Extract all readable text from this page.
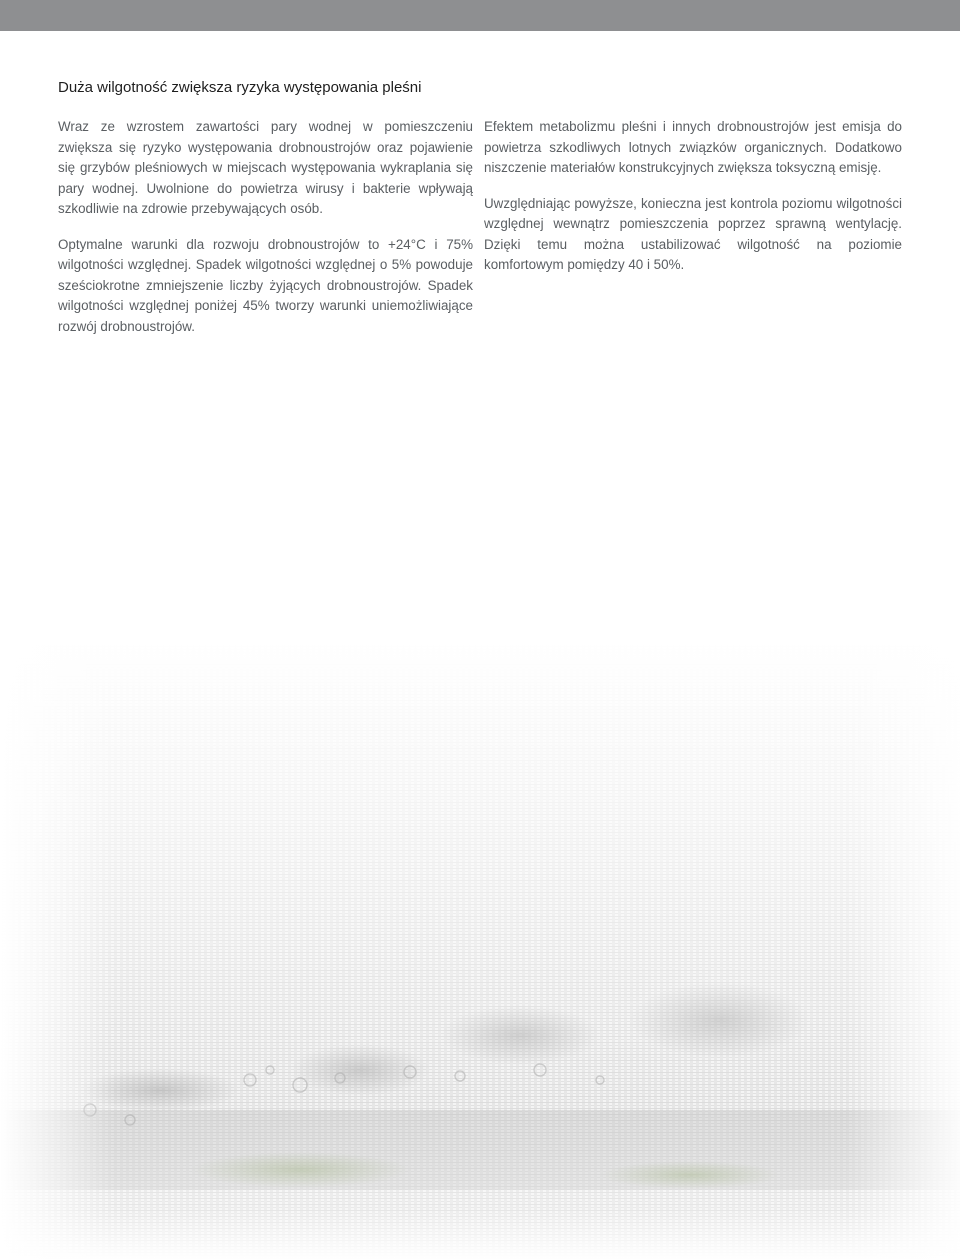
Duża wilgotność zwiększa ryzyka występowania pleśni

Wraz ze wzrostem zawartości pary wodnej w pomieszczeniu zwiększa się ryzyko występowania drobnoustrojów oraz pojawienie się grzybów pleśniowych w miejscach występowania wykraplania się pary wodnej. Uwolnione do powietrza wirusy i bakterie wpływają szkodliwie na zdrowie przebywających osób.

Optymalne warunki dla rozwoju drobnoustrojów to +24°C i 75% wilgotności względnej. Spadek wilgotności względnej o 5% powoduje sześciokrotne zmniejszenie liczby żyjących drobnoustrojów. Spadek wilgotności względnej poniżej 45% tworzy warunki uniemożliwiające rozwój drobnoustrojów.

Efektem metabolizmu pleśni i innych drobnoustrojów jest emisja do powietrza szkodliwych lotnych związków organicznych. Dodatkowo niszczenie materiałów konstrukcyjnych zwiększa toksyczną emisję.

Uwzględniając powyższe, konieczna jest kontrola poziomu wilgotności względnej wewnątrz pomieszczenia poprzez sprawną wentylację. Dzięki temu można ustabilizować wilgotność na poziomie komfortowym pomiędzy 40 i 50%.
